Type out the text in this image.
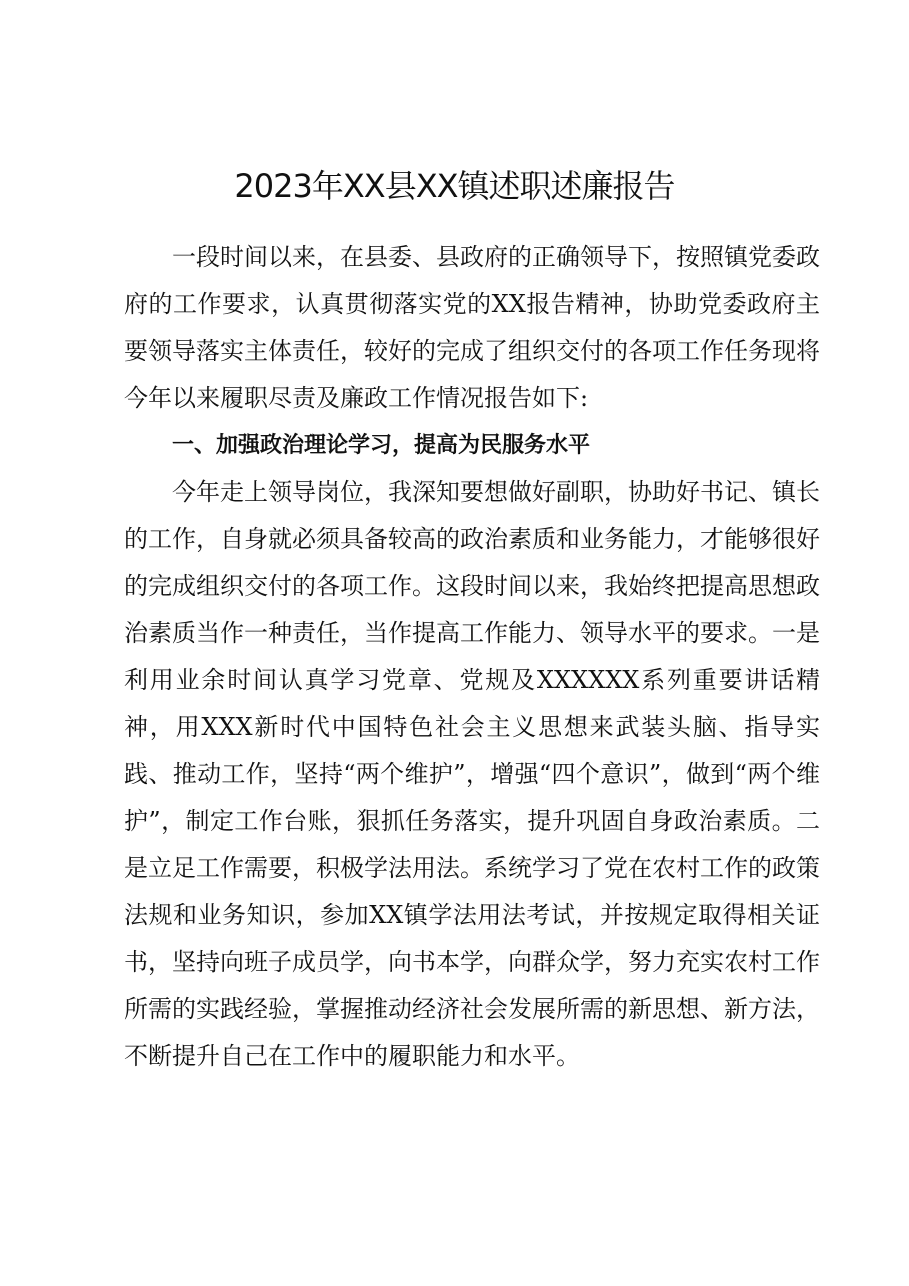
2023年XX县XX镇述职述廉报告

一段时间以来，在县委、县政府的正确领导下，按照镇党委政府的工作要求，认真贯彻落实党的XX报告精神，协助党委政府主要领导落实主体责任，较好的完成了组织交付的各项工作任务现将今年以来履职尽责及廉政工作情况报告如下:

一、加强政治理论学习，提高为民服务水平

今年走上领导岗位，我深知要想做好副职，协助好书记、镇长的工作，自身就必须具备较高的政治素质和业务能力，才能够很好的完成组织交付的各项工作。这段时间以来，我始终把提高思想政治素质当作一种责任，当作提高工作能力、领导水平的要求。一是利用业余时间认真学习党章、党规及XXXXXX系列重要讲话精神，用XXX新时代中国特色社会主义思想来武装头脑、指导实践、推动工作，坚持“两个维护”，增强“四个意识”，做到“两个维护”，制定工作台账，狠抓任务落实，提升巩固自身政治素质。二是立足工作需要，积极学法用法。系统学习了党在农村工作的政策法规和业务知识，参加XX镇学法用法考试，并按规定取得相关证书，坚持向班子成员学，向书本学，向群众学，努力充实农村工作所需的实践经验，掌握推动经济社会发展所需的新思想、新方法，不断提升自己在工作中的履职能力和水平。
